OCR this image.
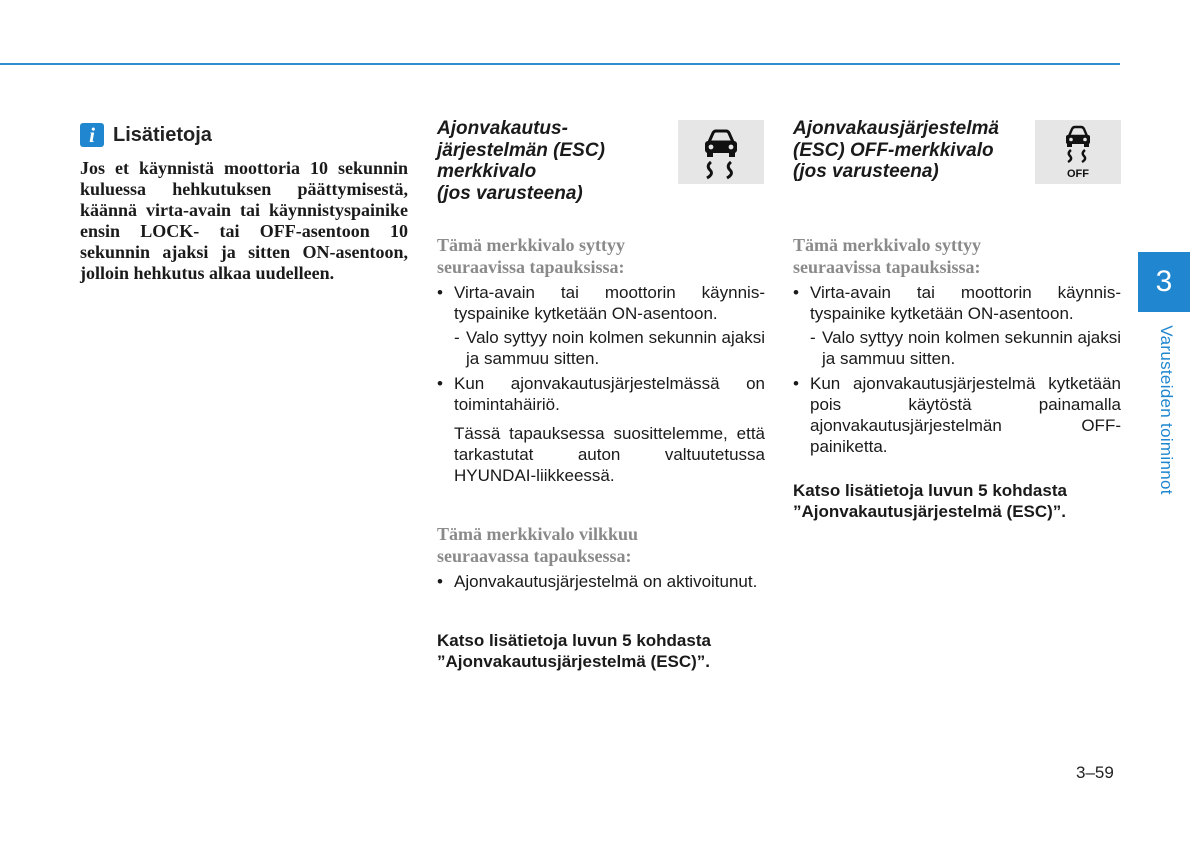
i Lisätietoja

Jos et käynnistä moottoria 10 sekunnin kuluessa hehkutuksen päättymisestä, käännä virta-avain tai käynnistyspainike ensin LOCK- tai OFF-asentoon 10 sekunnin ajaksi ja sitten ON-asentoon, jolloin hehkutus alkaa uudelleen.

Ajonvakautus-
järjestelmän (ESC)
merkkivalo
(jos varusteena)

Tämä merkkivalo syttyy
seuraavissa tapauksissa:

• Virta-avain tai moottorin käynnistyspainike kytketään ON-asentoon.
- Valo syttyy noin kolmen sekunnin ajaksi ja sammuu sitten.
• Kun ajonvakautusjärjestelmässä on toimintahäiriö.
Tässä tapauksessa suosittelemme, että tarkastutat auton valtuutetussa HYUNDAI-liikkeessä.

Tämä merkkivalo vilkkuu
seuraavassa tapauksessa:

• Ajonvakautusjärjestelmä on aktivoitunut.

Katso lisätietoja luvun 5 kohdasta
”Ajonvakautusjärjestelmä (ESC)”.

Ajonvakausjärjestelmä
(ESC) OFF-merkkivalo
(jos varusteena)	OFF

Tämä merkkivalo syttyy
seuraavissa tapauksissa:

• Virta-avain tai moottorin käynnistyspainike kytketään ON-asentoon.
- Valo syttyy noin kolmen sekunnin ajaksi ja sammuu sitten.
• Kun ajonvakautusjärjestelmä kytketään pois käytöstä painamalla ajonvakautusjärjestelmän OFF-painiketta.

Katso lisätietoja luvun 5 kohdasta
”Ajonvakautusjärjestelmä (ESC)”.

3
Varusteiden toiminnot
3–59
